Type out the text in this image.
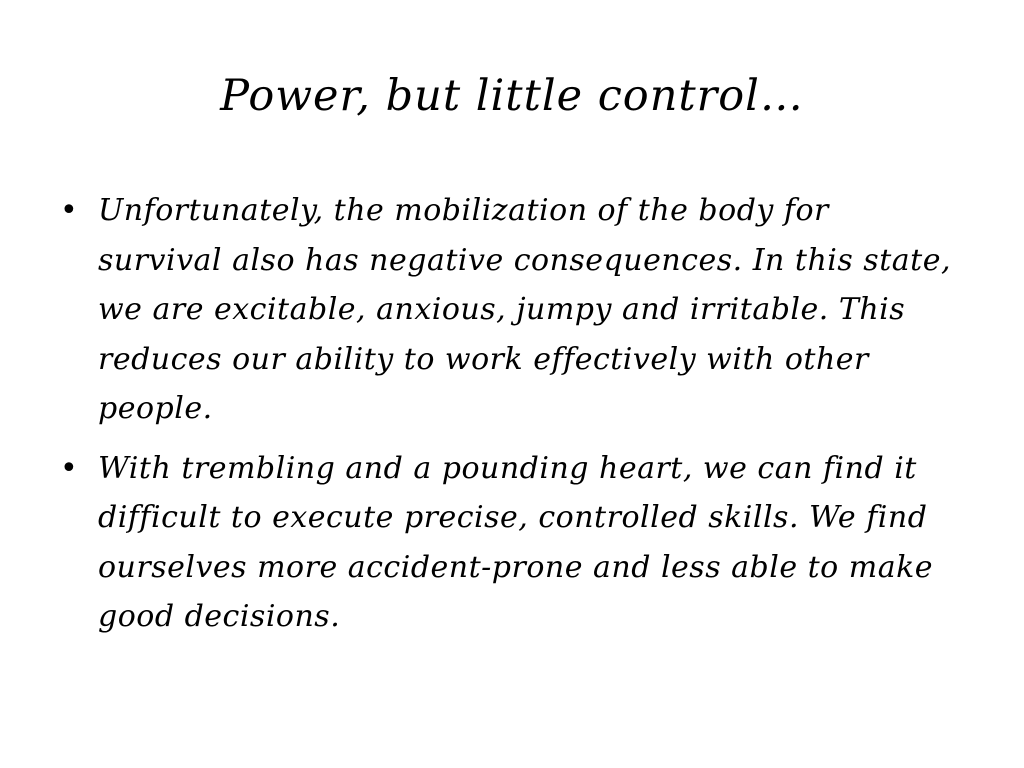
Power, but little control…
• Unfortunately, the mobilization of the body for survival also has negative consequences. In this state, we are excitable, anxious, jumpy and irritable. This reduces our ability to work effectively with other people.
• With trembling and a pounding heart, we can find it difficult to execute precise, controlled skills. We find ourselves more accident-prone and less able to make good decisions.
